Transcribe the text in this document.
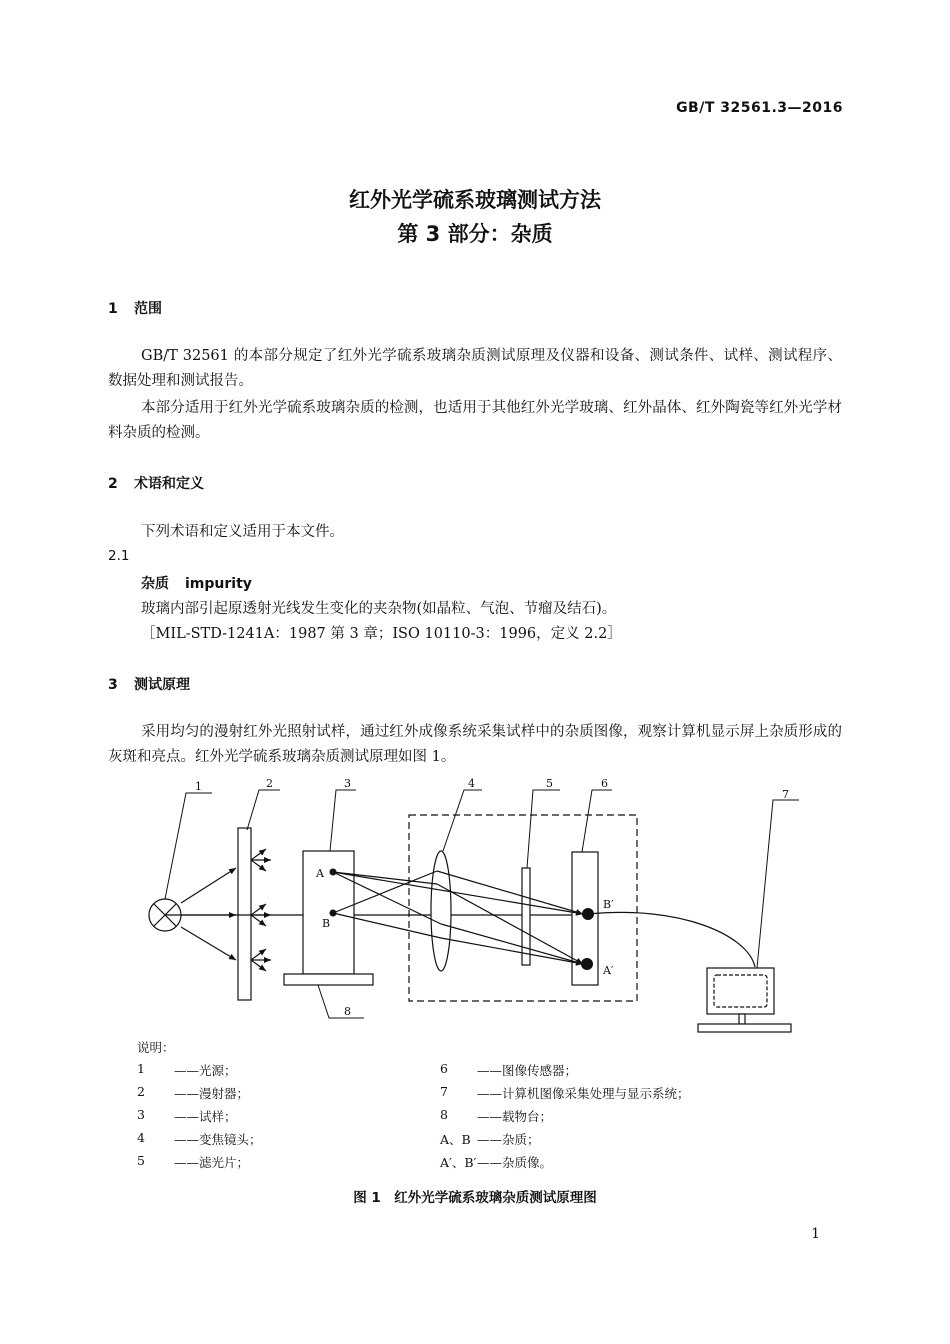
GB/T 32561.3—2016
红外光学硫系玻璃测试方法
第 3 部分：杂质
1 范围
GB/T 32561 的本部分规定了红外光学硫系玻璃杂质测试原理及仪器和设备、测试条件、试样、测试程序、数据处理和测试报告。
本部分适用于红外光学硫系玻璃杂质的检测，也适用于其他红外光学玻璃、红外晶体、红外陶瓷等红外光学材料杂质的检测。
2 术语和定义
下列术语和定义适用于本文件。
2.1
杂质 impurity
玻璃内部引起原透射光线发生变化的夹杂物(如晶粒、气泡、节瘤及结石)。
［MIL-STD-1241A：1987 第 3 章；ISO 10110-3：1996，定义 2.2］
3 测试原理
采用均匀的漫射红外光照射试样，通过红外成像系统采集试样中的杂质图像，观察计算机显示屏上杂质形成的灰斑和亮点。红外光学硫系玻璃杂质测试原理如图 1。
1	2	3	4	5	6
7
8
A
B
B′
A′
说明：
1 ——光源；
2 ——漫射器；
3 ——试样；
4 ——变焦镜头；
5 ——滤光片；
6 ——图像传感器；
7 ——计算机图像采集处理与显示系统；
8 ——载物台；
A、B ——杂质；
A′、B′ ——杂质像。
图 1　红外光学硫系玻璃杂质测试原理图
1
